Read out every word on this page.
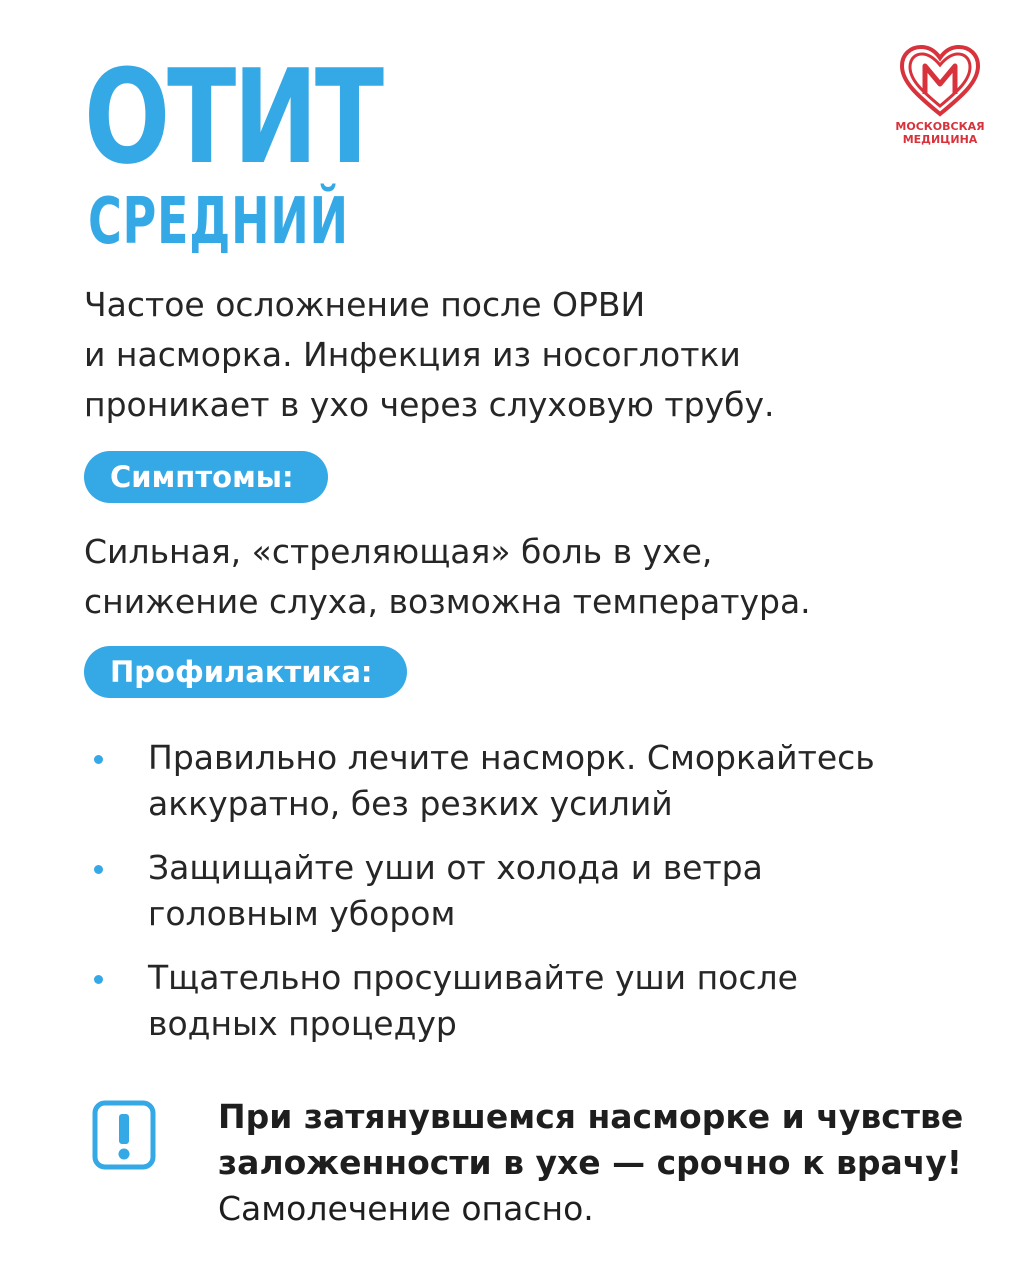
МОСКОВСКАЯ
МЕДИЦИНА
ОТИТ
СРЕДНИЙ

Частое осложнение после ОРВИ
и насморка. Инфекция из носоглотки
проникает в ухо через слуховую трубу.

Симптомы:

Сильная, «стреляющая» боль в ухе,
снижение слуха, возможна температура.

Профилактика:
Правильно лечите насморк. Сморкайтесь
аккуратно, без резких усилий
Защищайте уши от холода и ветра
головным убором
Тщательно просушивайте уши после
водных процедур

При затянувшемся насморке и чувстве
заложенности в ухе — срочно к врачу!
Самолечение опасно.
